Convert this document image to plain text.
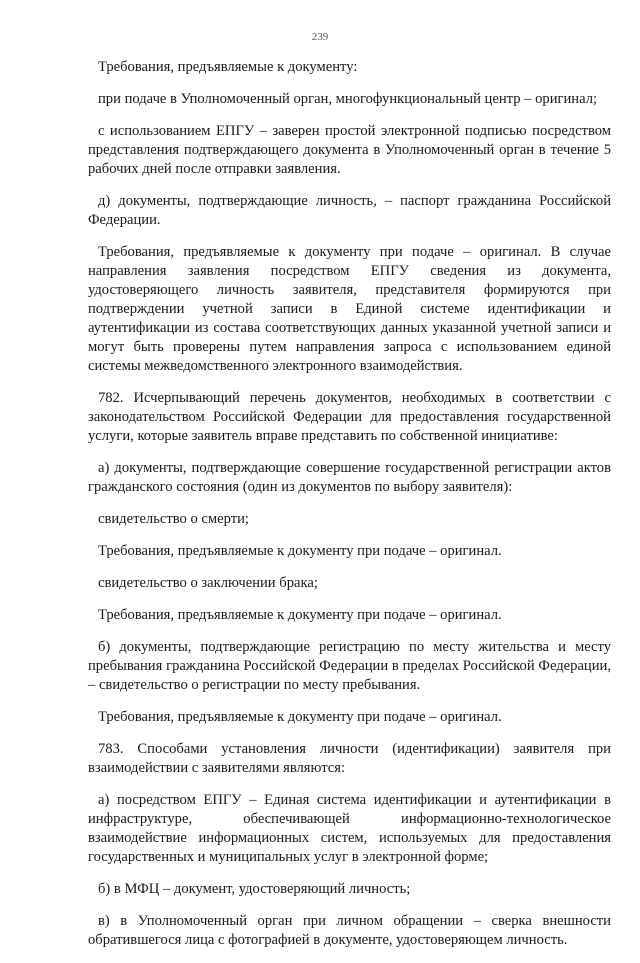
239

Требования, предъявляемые к документу:

при подаче в Уполномоченный орган, многофункциональный центр – оригинал;

с использованием ЕПГУ – заверен простой электронной подписью посредством представления подтверждающего документа в Уполномоченный орган в течение 5 рабочих дней после отправки заявления.

д) документы, подтверждающие личность, – паспорт гражданина Российской Федерации.

Требования, предъявляемые к документу при подаче – оригинал. В случае направления заявления посредством ЕПГУ сведения из документа, удостоверяющего личность заявителя, представителя формируются при подтверждении учетной записи в Единой системе идентификации и аутентификации из состава соответствующих данных указанной учетной записи и могут быть проверены путем направления запроса с использованием единой системы межведомственного электронного взаимодействия.

782. Исчерпывающий перечень документов, необходимых в соответствии с законодательством Российской Федерации для предоставления государственной услуги, которые заявитель вправе представить по собственной инициативе:

а) документы, подтверждающие совершение государственной регистрации актов гражданского состояния (один из документов по выбору заявителя):

свидетельство о смерти;

Требования, предъявляемые к документу при подаче – оригинал.

свидетельство о заключении брака;

Требования, предъявляемые к документу при подаче – оригинал.

б) документы, подтверждающие регистрацию по месту жительства и месту пребывания гражданина Российской Федерации в пределах Российской Федерации, – свидетельство о регистрации по месту пребывания.

Требования, предъявляемые к документу при подаче – оригинал.

783. Способами установления личности (идентификации) заявителя при взаимодействии с заявителями являются:

а) посредством ЕПГУ – Единая система идентификации и аутентификации в инфраструктуре, обеспечивающей информационно-технологическое взаимодействие информационных систем, используемых для предоставления государственных и муниципальных услуг в электронной форме;

б) в МФЦ – документ, удостоверяющий личность;

в) в Уполномоченный орган при личном обращении – сверка внешности обратившегося лица с фотографией в документе, удостоверяющем личность.
